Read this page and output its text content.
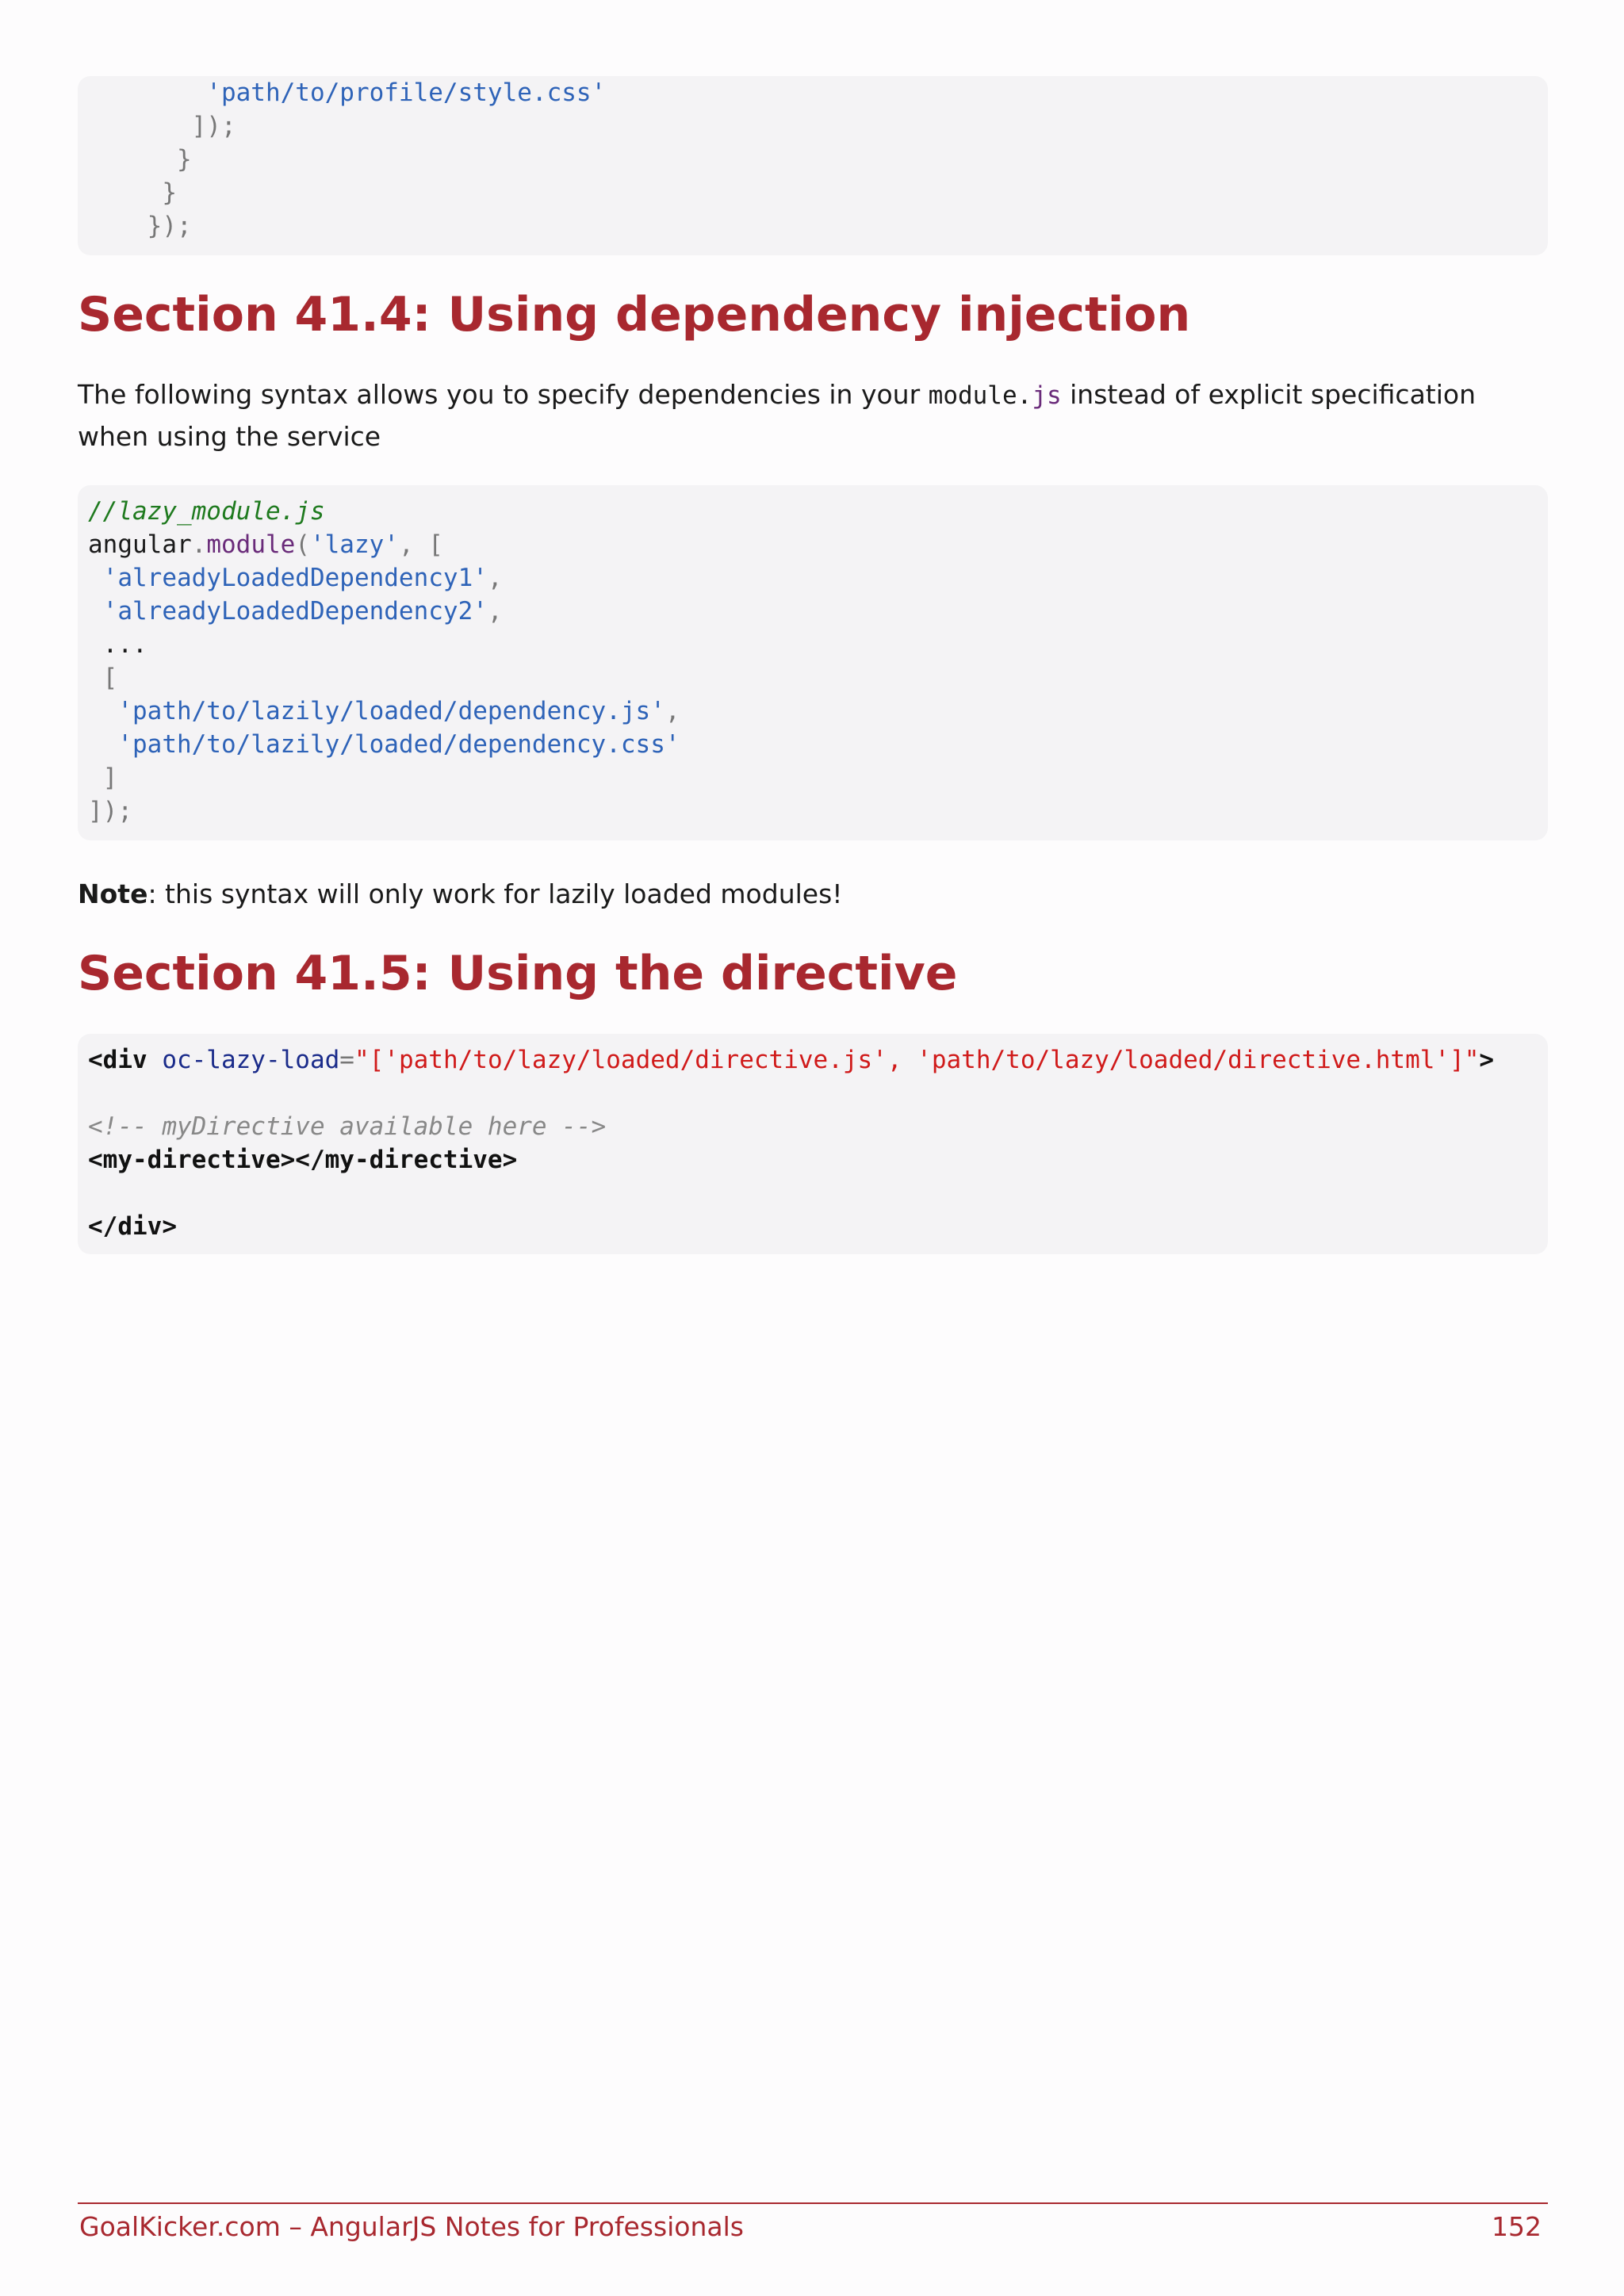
'path/to/profile/style.css'
]);
}
}
});
Section 41.4: Using dependency injection
The following syntax allows you to specify dependencies in your module.js instead of explicit specification when using the service
//lazy_module.js
angular.module('lazy', [
'alreadyLoadedDependency1',
'alreadyLoadedDependency2',
...
[
'path/to/lazily/loaded/dependency.js',
'path/to/lazily/loaded/dependency.css'
]
]);
Note: this syntax will only work for lazily loaded modules!
Section 41.5: Using the directive
<div oc-lazy-load="['path/to/lazy/loaded/directive.js', 'path/to/lazy/loaded/directive.html']">
<!-- myDirective available here -->
<my-directive></my-directive>
</div>
GoalKicker.com – AngularJS Notes for Professionals	152
